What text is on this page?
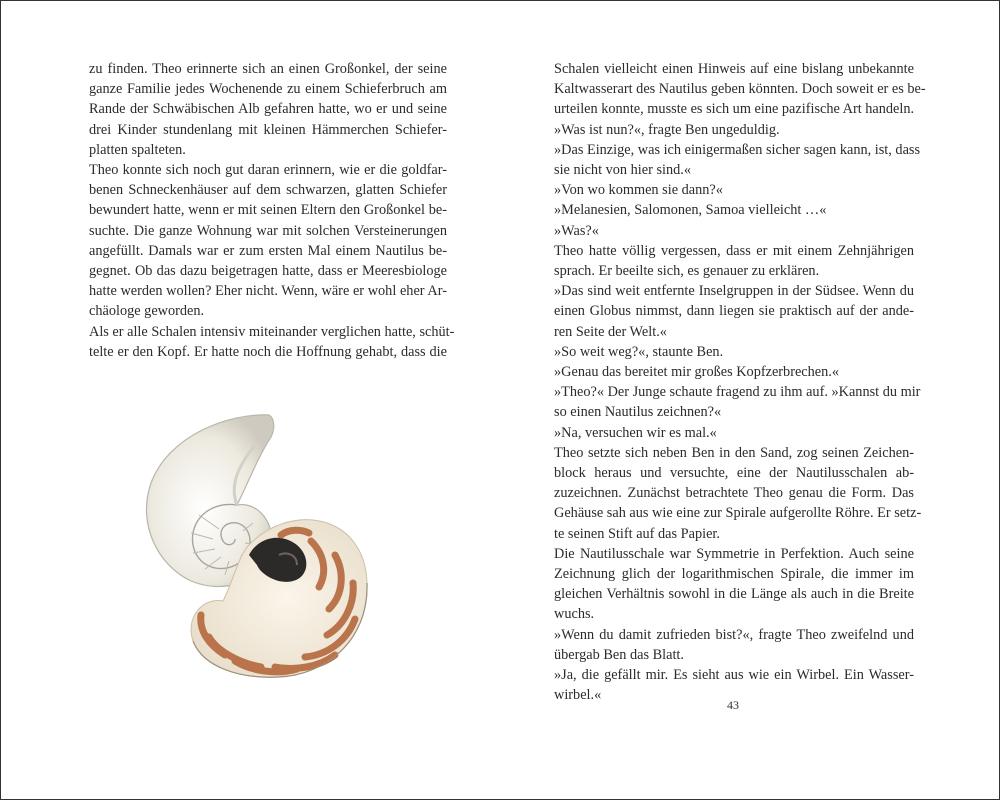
zu finden. Theo erinnerte sich an einen Großonkel, der seine
ganze Familie jedes Wochenende zu einem Schieferbruch am
Rande der Schwäbischen Alb gefahren hatte, wo er und seine
drei Kinder stundenlang mit kleinen Hämmerchen Schiefer-
platten spalteten.
Theo konnte sich noch gut daran erinnern, wie er die goldfar-
benen Schneckenhäuser auf dem schwarzen, glatten Schiefer
bewundert hatte, wenn er mit seinen Eltern den Großonkel be-
suchte. Die ganze Wohnung war mit solchen Versteinerungen
angefüllt. Damals war er zum ersten Mal einem Nautilus be-
gegnet. Ob das dazu beigetragen hatte, dass er Meeresbiologe
hatte werden wollen? Eher nicht. Wenn, wäre er wohl eher Ar-
chäologe geworden.
Als er alle Schalen intensiv miteinander verglichen hatte, schüt-
telte er den Kopf. Er hatte noch die Hoffnung gehabt, dass die
Schalen vielleicht einen Hinweis auf eine bislang unbekannte
Kaltwasserart des Nautilus geben könnten. Doch soweit er es be-
urteilen konnte, musste es sich um eine pazifische Art handeln.
»Was ist nun?«, fragte Ben ungeduldig.
»Das Einzige, was ich einigermaßen sicher sagen kann, ist, dass
sie nicht von hier sind.«
»Von wo kommen sie dann?«
»Melanesien, Salomonen, Samoa vielleicht …«
»Was?«
Theo hatte völlig vergessen, dass er mit einem Zehnjährigen
sprach. Er beeilte sich, es genauer zu erklären.
»Das sind weit entfernte Inselgruppen in der Südsee. Wenn du
einen Globus nimmst, dann liegen sie praktisch auf der ande-
ren Seite der Welt.«
»So weit weg?«, staunte Ben.
»Genau das bereitet mir großes Kopfzerbrechen.«
»Theo?« Der Junge schaute fragend zu ihm auf. »Kannst du mir
so einen Nautilus zeichnen?«
»Na, versuchen wir es mal.«
Theo setzte sich neben Ben in den Sand, zog seinen Zeichen-
block heraus und versuchte, eine der Nautilusschalen ab-
zuzeichnen. Zunächst betrachtete Theo genau die Form. Das
Gehäuse sah aus wie eine zur Spirale aufgerollte Röhre. Er setz-
te seinen Stift auf das Papier.
Die Nautilusschale war Symmetrie in Perfektion. Auch seine
Zeichnung glich der logarithmischen Spirale, die immer im
gleichen Verhältnis sowohl in die Länge als auch in die Breite
wuchs.
»Wenn du damit zufrieden bist?«, fragte Theo zweifelnd und
übergab Ben das Blatt.
»Ja, die gefällt mir. Es sieht aus wie ein Wirbel. Ein Wasser-
wirbel.«
43
